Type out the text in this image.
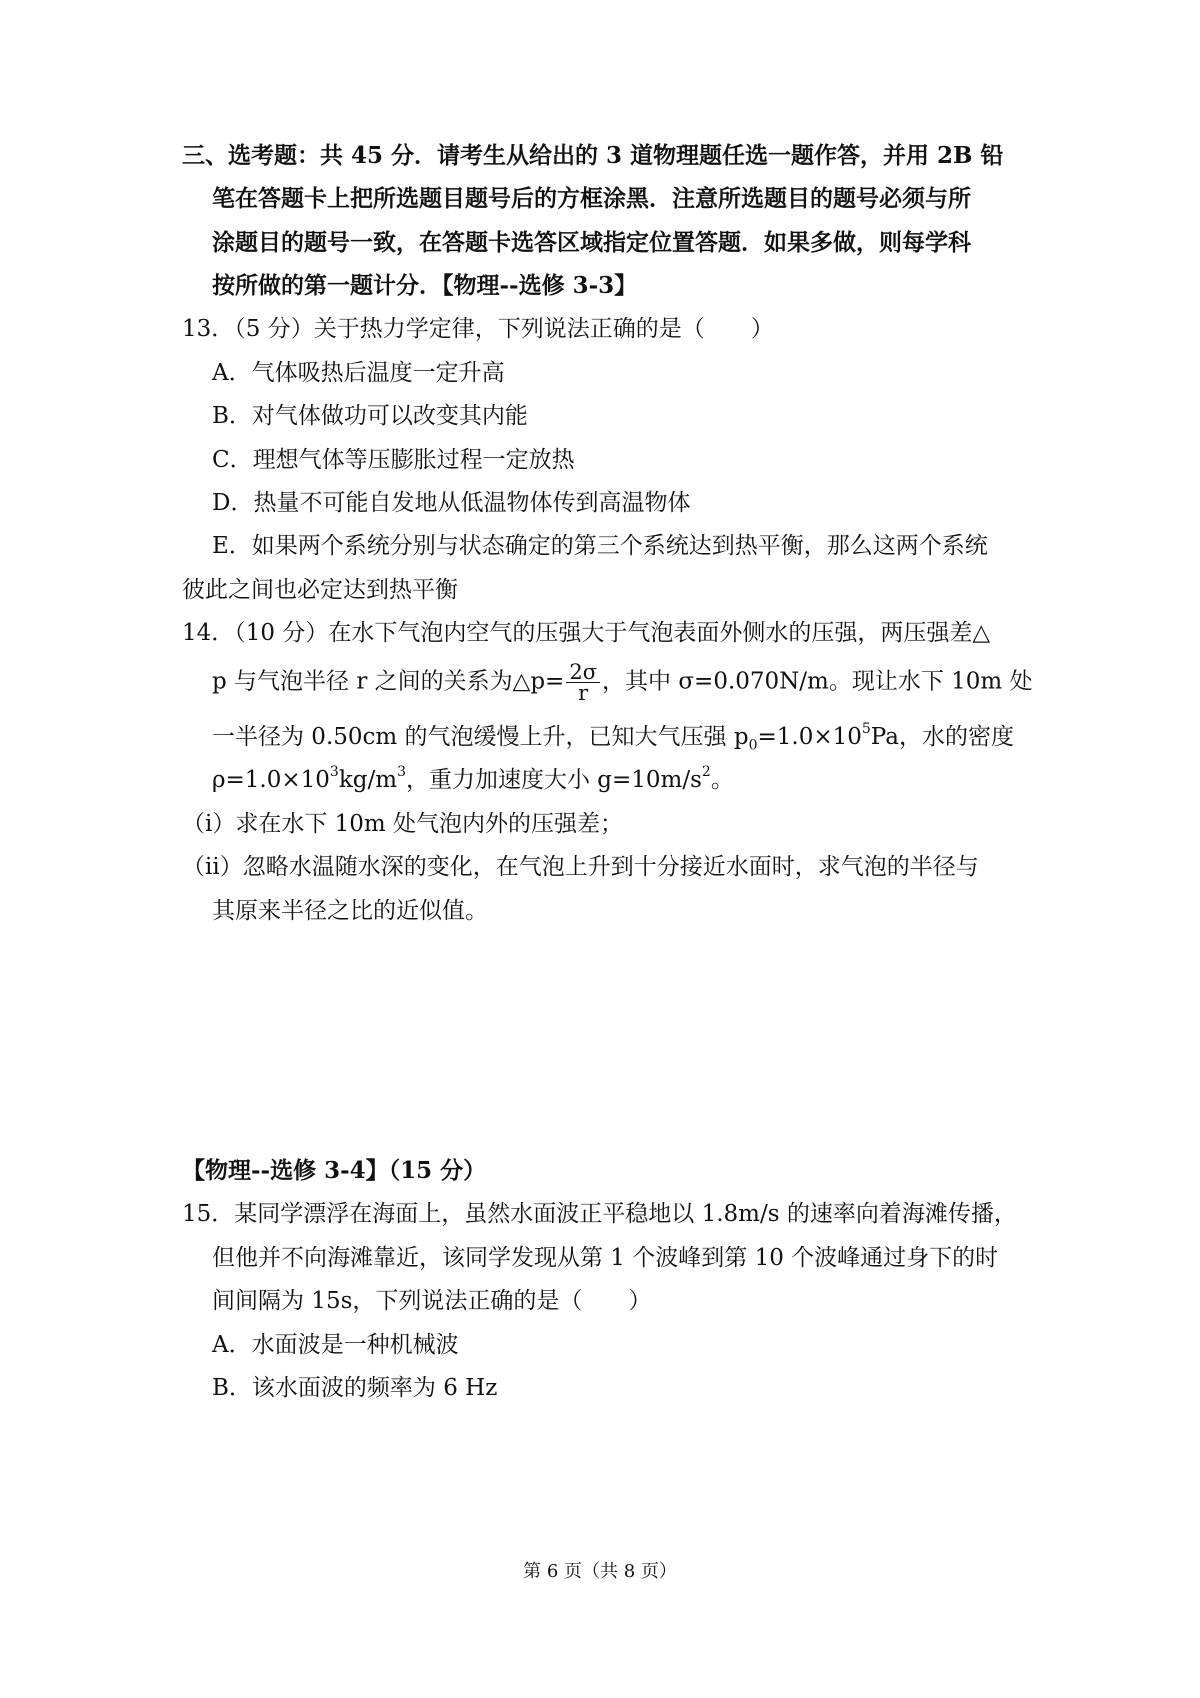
三、选考题：共 45 分．请考生从给出的 3 道物理题任选一题作答，并用 2B 铅
笔在答题卡上把所选题目题号后的方框涂黑．注意所选题目的题号必须与所
涂题目的题号一致，在答题卡选答区域指定位置答题．如果多做，则每学科
按所做的第一题计分．【物理--选修 3-3】
13．（5 分）关于热力学定律，下列说法正确的是（　　）
A．气体吸热后温度一定升高
B．对气体做功可以改变其内能
C．理想气体等压膨胀过程一定放热
D．热量不可能自发地从低温物体传到高温物体
E．如果两个系统分别与状态确定的第三个系统达到热平衡，那么这两个系统
彼此之间也必定达到热平衡
14．（10 分）在水下气泡内空气的压强大于气泡表面外侧水的压强，两压强差△
p 与气泡半径 r 之间的关系为△p= $\frac{2\sigma}{r}$ ，其中 σ=0.070N/m。现让水下 10m 处
一半径为 0.50cm 的气泡缓慢上升，已知大气压强 $p_0=1.0\times 10^5Pa$，水的密度
$\rho=1.0\times 10^3kg/m^3$，重力加速度大小 $g=10m/s^2$。
（i）求在水下 10m 处气泡内外的压强差；
（ii）忽略水温随水深的变化，在气泡上升到十分接近水面时，求气泡的半径与
其原来半径之比的近似值。
【物理--选修 3-4】（15 分）
15．某同学漂浮在海面上，虽然水面波正平稳地以 1.8m/s 的速率向着海滩传播，
但他并不向海滩靠近，该同学发现从第 1 个波峰到第 10 个波峰通过身下的时
间间隔为 15s，下列说法正确的是（　　）
A．水面波是一种机械波
B．该水面波的频率为 6 Hz
第 6 页（共 8 页）
